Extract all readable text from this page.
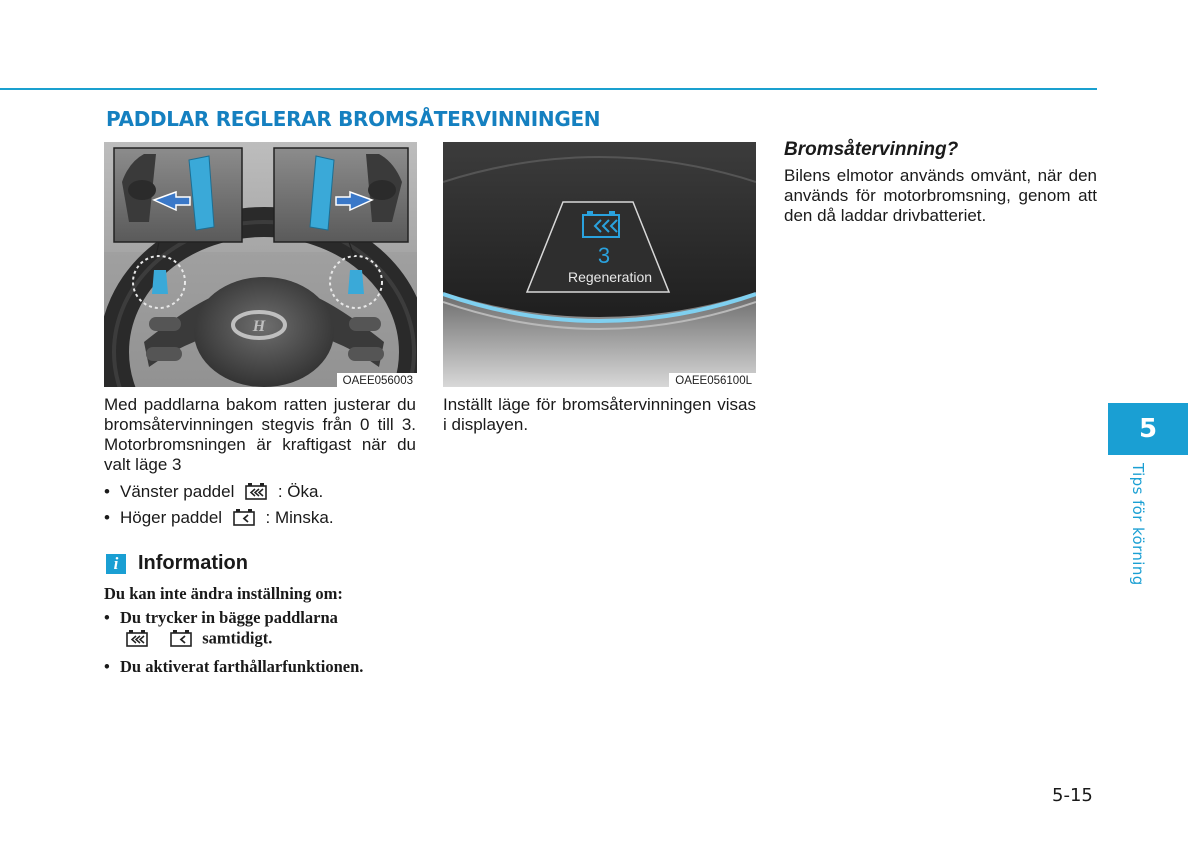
PADDLAR REGLERAR BROMSÅTERVINNINGEN
H
OAEE056003
3
Regeneration
OAEE056100L

Med paddlarna bakom ratten justerar du bromsåtervinningen stegvis från 0 till 3. Motorbromsningen är kraftigast när du valt läge 3

• Vänster paddel	: Öka.
• Höger paddel	: Minska.
i Information

Du kan inte ändra inställning om:

• Du trycker in bägge paddlarna
samtidigt.
• Du aktiverat farthållarfunktionen.

Inställt läge för bromsåtervinningen visas i displayen.

Bromsåtervinning?

Bilens elmotor används omvänt, när den används för motorbromsning, genom att den då laddar drivbatteriet.

5
Tips för körning
5-15
